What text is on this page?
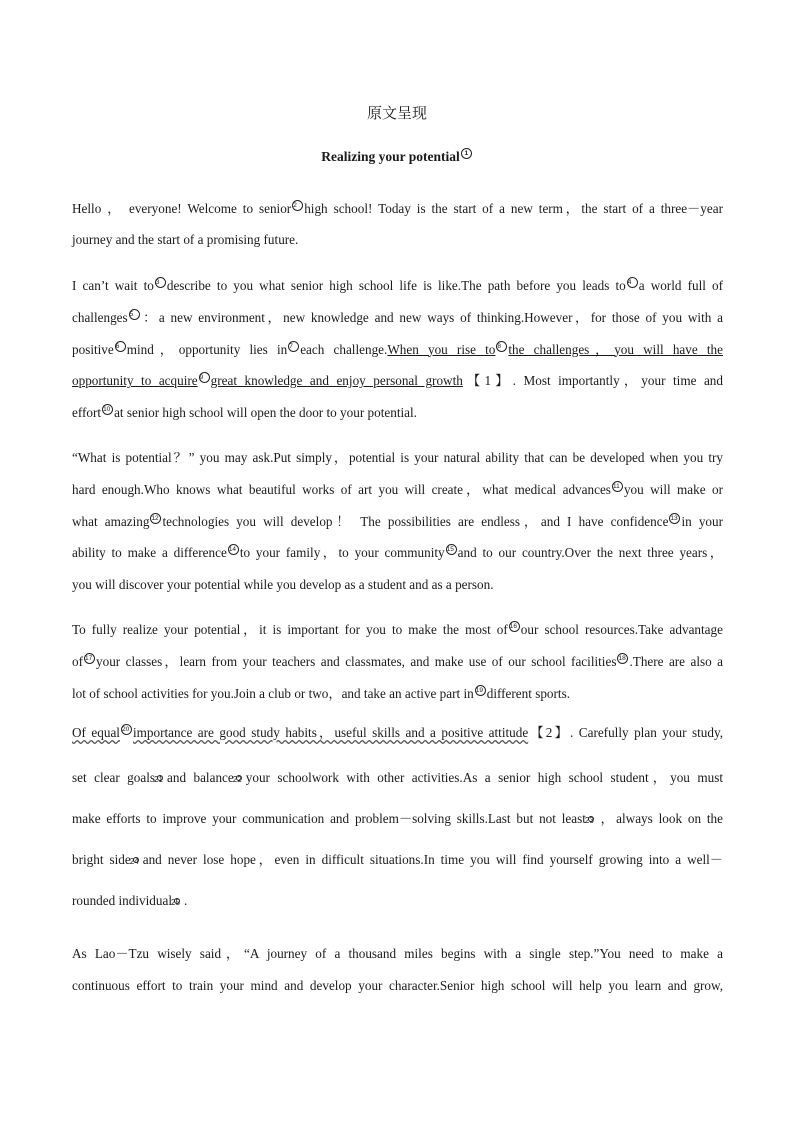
原文呈现
Realizing your potential 1
Hello ， everyone! Welcome to senior 2 high school! Today is the start of a new term，the start of a three－year
journey and the start of a promising future.
I can’t wait to 3 describe to you what senior high school life is like.The path before you leads to 4 a world full of
challenges 5 ：a new environment，new knowledge and new ways of thinking.However，for those of you with a
positive 6 mind，opportunity lies in 7 each challenge.When you rise to 8 the challenges，you will have the
opportunity to acquire 9 great knowledge and enjoy personal growth【1】. Most importantly，your time and
effort 10 at senior high school will open the door to your potential.
“What is potential？” you may ask.Put simply，potential is your natural ability that can be developed when you try
hard enough.Who knows what beautiful works of art you will create，what medical advances 11 you will make or
what amazing 12 technologies you will develop！ The possibilities are endless，and I have confidence 13 in your
ability to make a difference 14 to your family，to your community 15 and to our country.Over the next three years，
you will discover your potential while you develop as a student and as a person.
To fully realize your potential，it is important for you to make the most of 16 our school resources.Take advantage
of 17 your classes，learn from your teachers and classmates, and make use of our school facilities 18 .There are also a
lot of school activities for you.Join a club or two，and take an active part in 19 different sports.
Of equal 20 importance are good study habits，useful skills and a positive attitude【2】. Carefully plan your study,
set clear goals 21 and balance 22 your schoolwork with other activities.As a senior high school student，you must
make efforts to improve your communication and problem－solving skills.Last but not least 23 ，always look on the
bright side 24 and never lose hope，even in difficult situations.In time you will find yourself growing into a well－
rounded individual 25 .
As Lao－Tzu wisely said，“A journey of a thousand miles begins with a single step.”You need to make a
continuous effort to train your mind and develop your character.Senior high school will help you learn and grow,
